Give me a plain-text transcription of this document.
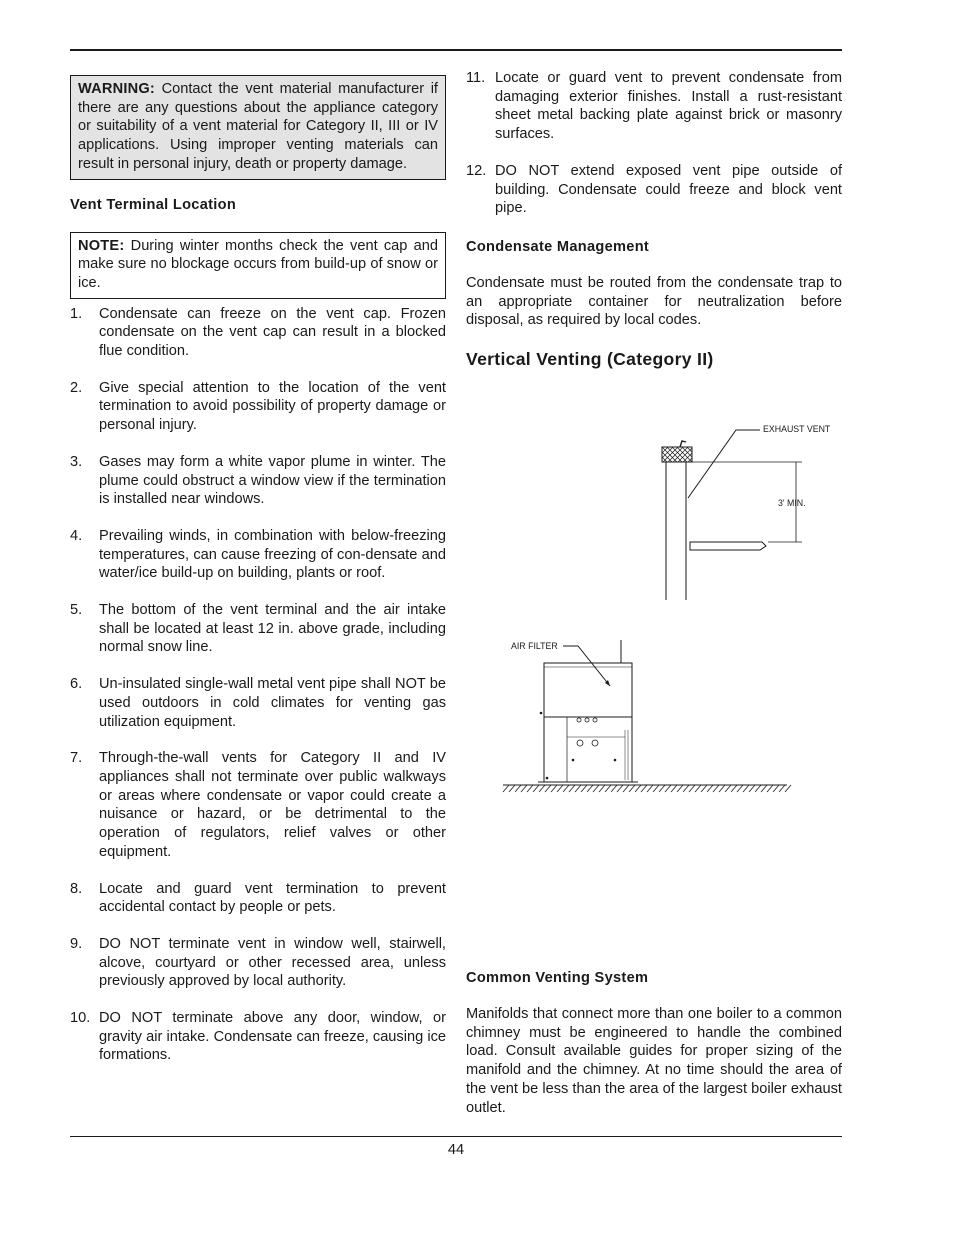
WARNING: Contact the vent material manufacturer if there are any questions about the appliance category or suitability of a vent material for Category II, III or IV applications. Using improper venting materials can result in personal injury, death or property damage.

Vent Terminal Location

NOTE: During winter months check the vent cap and make sure no blockage occurs from build-up of snow or ice.

1.	Condensate can freeze on the vent cap. Frozen condensate on the vent cap can result in a blocked flue condition.
2.	Give special attention to the location of the vent termination to avoid possibility of property damage or personal injury.
3.	Gases may form a white vapor plume in winter. The plume could obstruct a window view if the termination is installed near windows.
4.	Prevailing winds, in combination with below-freezing temperatures, can cause freezing of con-densate and water/ice build-up on building, plants or roof.
5.	The bottom of the vent terminal and the air intake shall be located at least 12 in. above grade, including normal snow line.
6.	Un-insulated single-wall metal vent pipe shall NOT be used outdoors in cold climates for venting gas utilization equipment.
7.	Through-the-wall vents for Category II and IV appliances shall not terminate over public walkways or areas where condensate or vapor could create a nuisance or hazard, or be detrimental to the operation of regulators, relief valves or other equipment.
8.	Locate and guard vent termination to prevent accidental contact by people or pets.
9.	DO NOT terminate vent in window well, stairwell, alcove, courtyard or other recessed area, unless previously approved by local authority.
10. DO NOT terminate above any door, window, or gravity air intake. Condensate can freeze, causing ice formations.
11. Locate or guard vent to prevent condensate from damaging exterior finishes. Install a rust-resistant sheet metal backing plate against brick or masonry surfaces.
12. DO NOT extend exposed vent pipe outside of building. Condensate could freeze and block vent pipe.

Condensate Management

Condensate must be routed from the condensate trap to an appropriate container for neutralization before disposal, as required by local codes.

Vertical Venting (Category II)

EXHAUST VENT
3' MIN.
AIR FILTER

Common Venting System

Manifolds that connect more than one boiler to a common chimney must be engineered to handle the combined load. Consult available guides for proper sizing of the manifold and the chimney. At no time should the area of the vent be less than the area of the largest boiler exhaust outlet.

44
